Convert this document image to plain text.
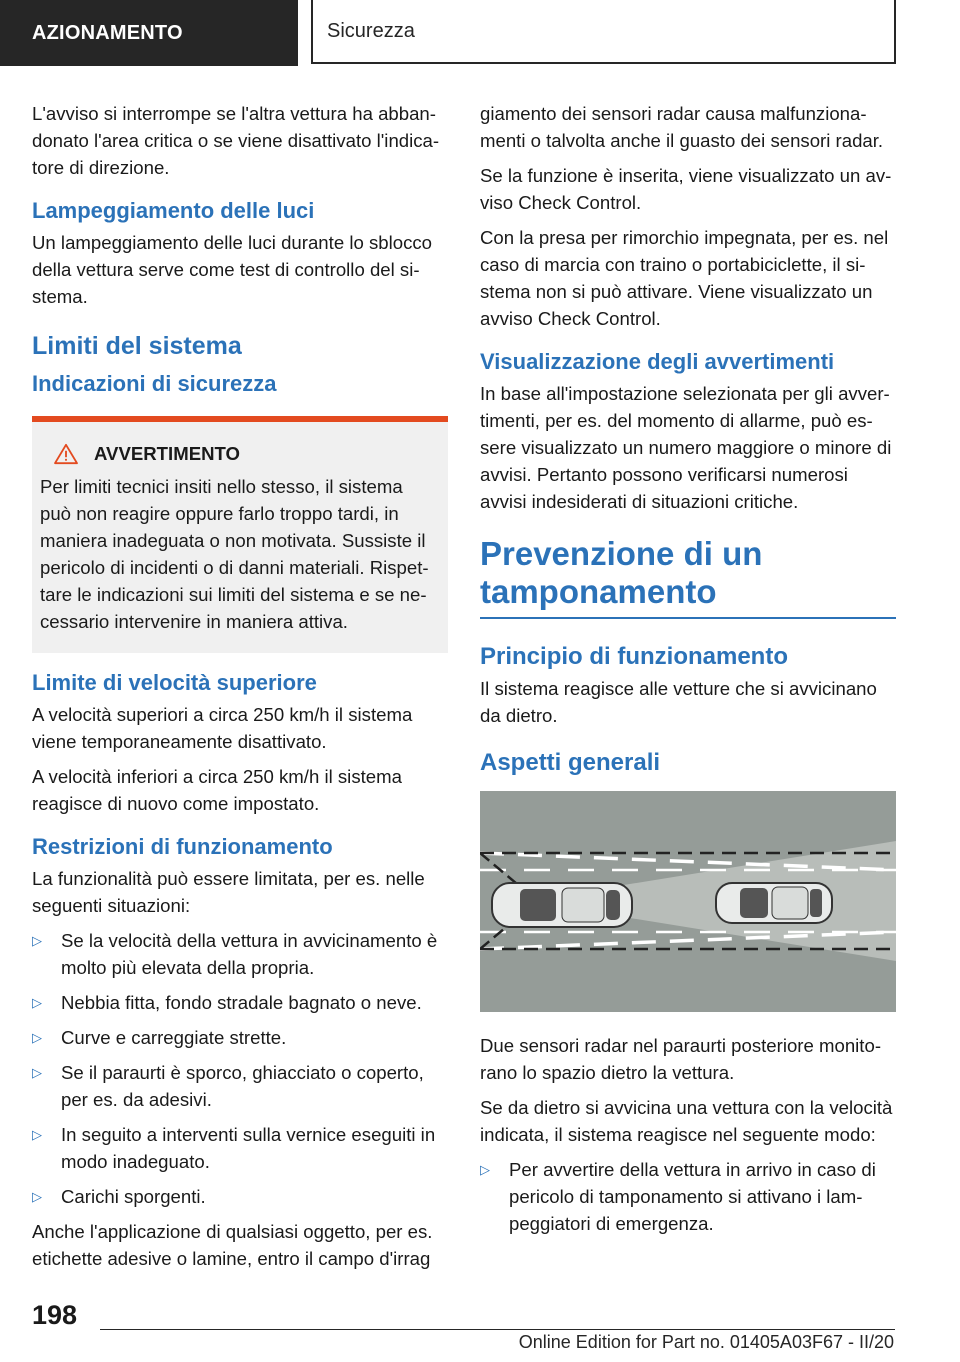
AZIONAMENTO	Sicurezza

L'avviso si interrompe se l'altra vettura ha abbandonato l'area critica o se viene disattivato l'indicatore di direzione.

Lampeggiamento delle luci

Un lampeggiamento delle luci durante lo sblocco della vettura serve come test di controllo del sistema.

Limiti del sistema
Indicazioni di sicurezza
AVVERTIMENTO

Per limiti tecnici insiti nello stesso, il sistema può non reagire oppure farlo troppo tardi, in maniera inadeguata o non motivata. Sussiste il pericolo di incidenti o di danni materiali. Rispettare le indicazioni sui limiti del sistema e se necessario intervenire in maniera attiva.

Limite di velocità superiore

A velocità superiori a circa 250 km/h il sistema viene temporaneamente disattivato.

A velocità inferiori a circa 250 km/h il sistema reagisce di nuovo come impostato.

Restrizioni di funzionamento

La funzionalità può essere limitata, per es. nelle seguenti situazioni:

▷ Se la velocità della vettura in avvicinamento è molto più elevata della propria.
▷ Nebbia fitta, fondo stradale bagnato o neve.
▷ Curve e carreggiate strette.
▷ Se il paraurti è sporco, ghiacciato o coperto, per es. da adesivi.
▷ In seguito a interventi sulla vernice eseguiti in modo inadeguato.
▷ Carichi sporgenti.

Anche l'applicazione di qualsiasi oggetto, per es. etichette adesive o lamine, entro il campo d'irrag

giamento dei sensori radar causa malfunzionamenti o talvolta anche il guasto dei sensori radar.

Se la funzione è inserita, viene visualizzato un avviso Check Control.

Con la presa per rimorchio impegnata, per es. nel caso di marcia con traino o portabiciclette, il sistema non si può attivare. Viene visualizzato un avviso Check Control.

Visualizzazione degli avvertimenti

In base all'impostazione selezionata per gli avvertimenti, per es. del momento di allarme, può essere visualizzato un numero maggiore o minore di avvisi. Pertanto possono verificarsi numerosi avvisi indesiderati di situazioni critiche.

Prevenzione di un tamponamento
Principio di funzionamento

Il sistema reagisce alle vetture che si avvicinano da dietro.

Aspetti generali

Due sensori radar nel paraurti posteriore monitorano lo spazio dietro la vettura.

Se da dietro si avvicina una vettura con la velocità indicata, il sistema reagisce nel seguente modo:

▷ Per avvertire della vettura in arrivo in caso di pericolo di tamponamento si attivano i lampeggiatori di emergenza.
198
Online Edition for Part no. 01405A03F67 - II/20
